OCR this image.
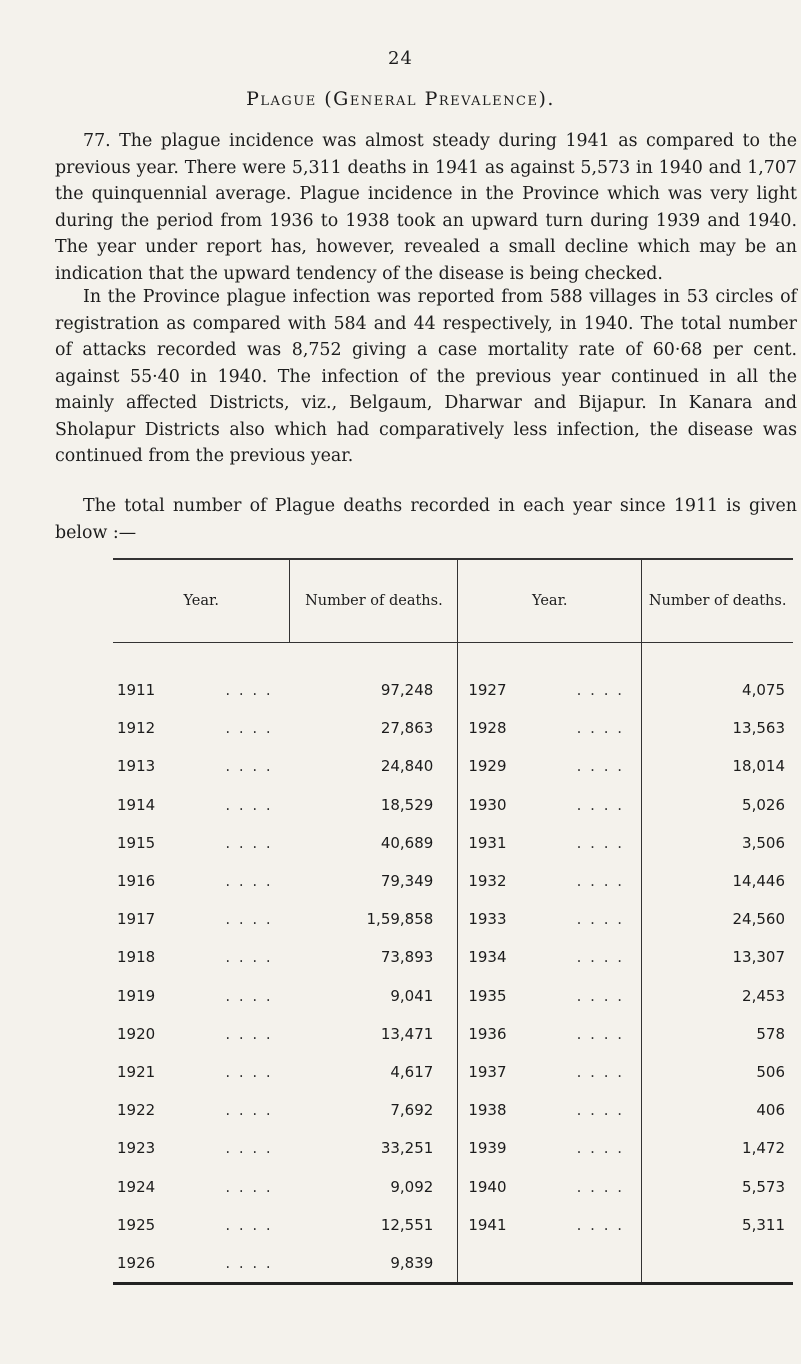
24
Plague (General Prevalence).

77. The plague incidence was almost steady during 1941 as compared to the previous year. There were 5,311 deaths in 1941 as against 5,573 in 1940 and 1,707 the quinquennial average. Plague incidence in the Province which was very light during the period from 1936 to 1938 took an upward turn during 1939 and 1940. The year under report has, however, revealed a small decline which may be an indication that the upward tendency of the disease is being checked.

In the Province plague infection was reported from 588 villages in 53 circles of registration as compared with 584 and 44 respectively, in 1940. The total number of attacks recorded was 8,752 giving a case mortality rate of 60·68 per cent. against 55·40 in 1940. The infection of the previous year continued in all the mainly affected Districts, viz., Belgaum, Dharwar and Bijapur. In Kanara and Sholapur Districts also which had comparatively less infection, the disease was continued from the previous year.

The total number of Plague deaths recorded in each year since 1911 is given below :—

Year.		Number of deaths.	Year.		Number of deaths.
1911	. . . .	97,248	1927	. . . .	4,075
1912	. . . .	27,863	1928	. . . .	13,563
1913	. . . .	24,840	1929	. . . .	18,014
1914	. . . .	18,529	1930	. . . .	5,026
1915	. . . .	40,689	1931	. . . .	3,506
1916	. . . .	79,349	1932	. . . .	14,446
1917	. . . .	1,59,858	1933	. . . .	24,560
1918	. . . .	73,893	1934	. . . .	13,307
1919	. . . .	9,041	1935	. . . .	2,453
1920	. . . .	13,471	1936	. . . .	578
1921	. . . .	4,617	1937	. . . .	506
1922	. . . .	7,692	1938	. . . .	406
1923	. . . .	33,251	1939	. . . .	1,472
1924	. . . .	9,092	1940	. . . .	5,573
1925	. . . .	12,551	1941	. . . .	5,311
1926	. . . .	9,839			
